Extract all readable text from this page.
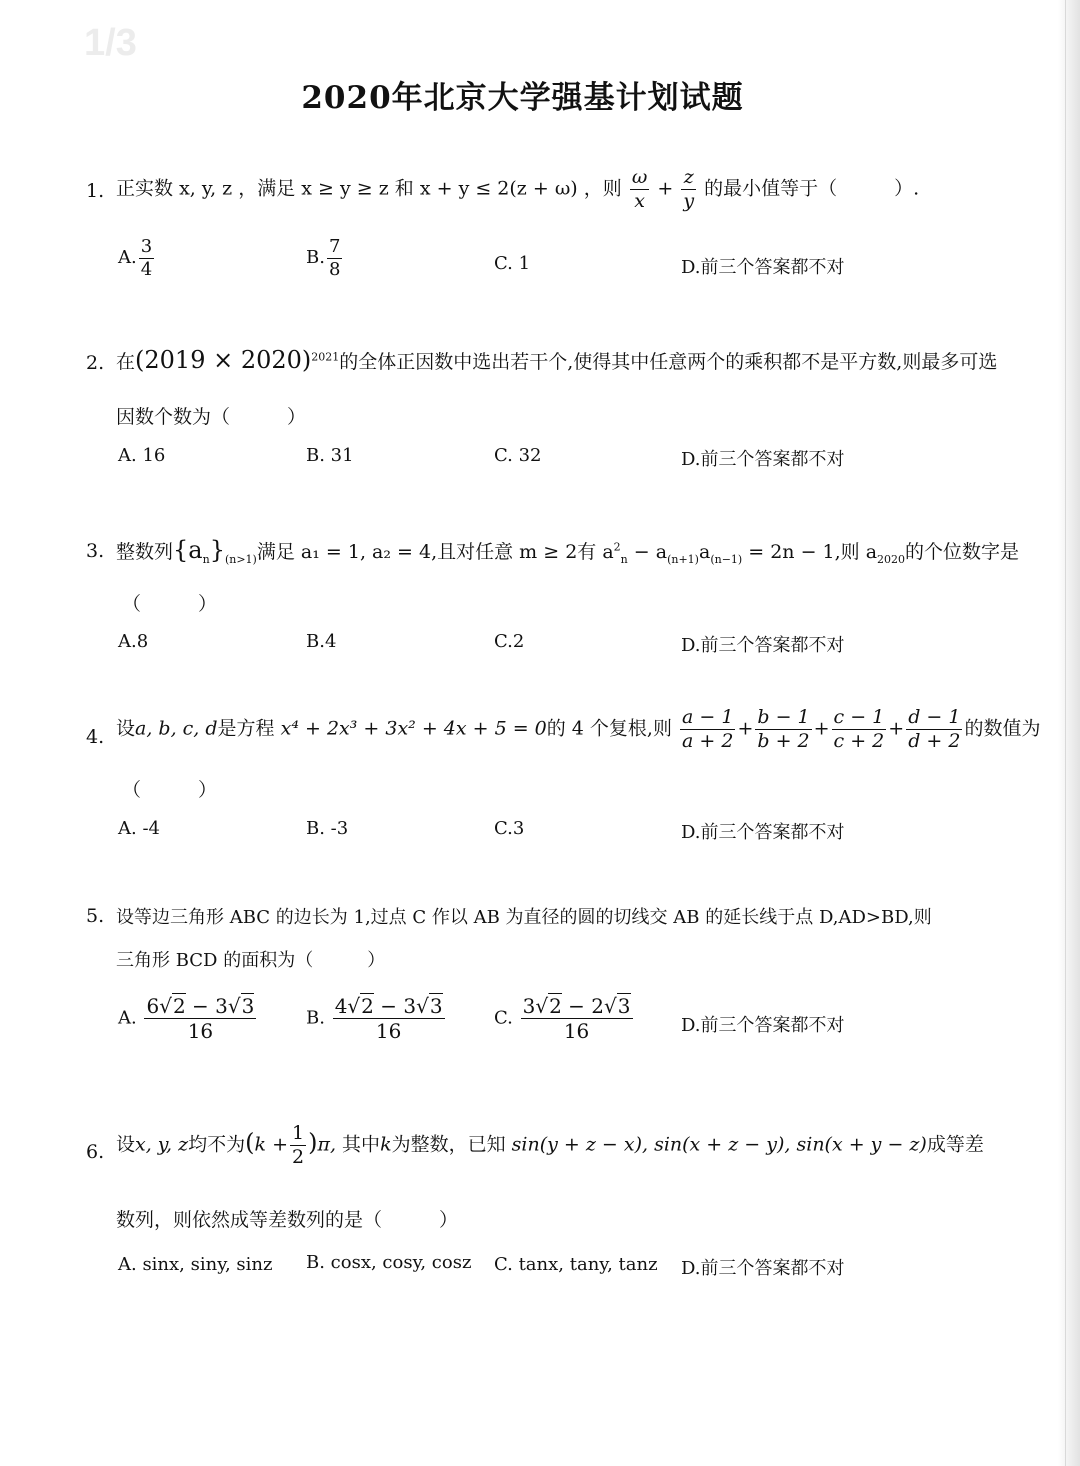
1/3
2020年北京大学强基计划试题
1. 正实数 x, y, z ，满足 x ≥ y ≥ z 和 x + y ≤ 2(z + ω) ，则 $\frac{\omega}{x} + \frac{z}{y}$ 的最小值等于（　　　）.
A. $\frac{3}{4}$	B. $\frac{7}{8}$	C. 1	D.前三个答案都不对
2. 在$(2019 \times 2020)^{2021}$的全体正因数中选出若干个,使得其中任意两个的乘积都不是平方数,则最多可选
因数个数为（　　　）
A. 16	B. 31	C. 32	D.前三个答案都不对
3. 整数列$\{a_n\}_{(n>1)}$满足 a₁ = 1, a₂ = 4,且对任意 m ≥ 2有 $a^2_n - a_{(n+1)}a_{(n-1)} = 2n - 1$,则 $a_{2020}$的个位数字是
（　　　）
A.8	B.4	C.2	D.前三个答案都不对
4. 设a, b, c, d是方程 x⁴ + 2x³ + 3x² + 4x + 5 = 0的 4 个复根,则 $\frac{a - 1}{a + 2} + \frac{b - 1}{b + 2} + \frac{c - 1}{c + 2} + \frac{d - 1}{d + 2}$ 的数值为
（　　　）
A. -4	B. -3	C.3	D.前三个答案都不对
5. 设等边三角形 ABC 的边长为 1,过点 C 作以 AB 为直径的圆的切线交 AB 的延长线于点 D,AD>BD,则
三角形 BCD 的面积为（　　　）
A. $\frac{6√2 - 3√3}{16}$	B. $\frac{4√2 - 3√3}{16}$	C. $\frac{3√2 - 2√3}{16}$	D.前三个答案都不对
6. 设x, y, z均不为$(k + \frac{1}{2} )\pi$, 其中k为整数，已知 sin(y + z − x), sin(x + z − y), sin(x + y − z)成等差
数列，则依然成等差数列的是（　　　）
A. sinx, siny, sinz B. cosx, cosy, cosz C. tanx, tany, tanz D.前三个答案都不对
